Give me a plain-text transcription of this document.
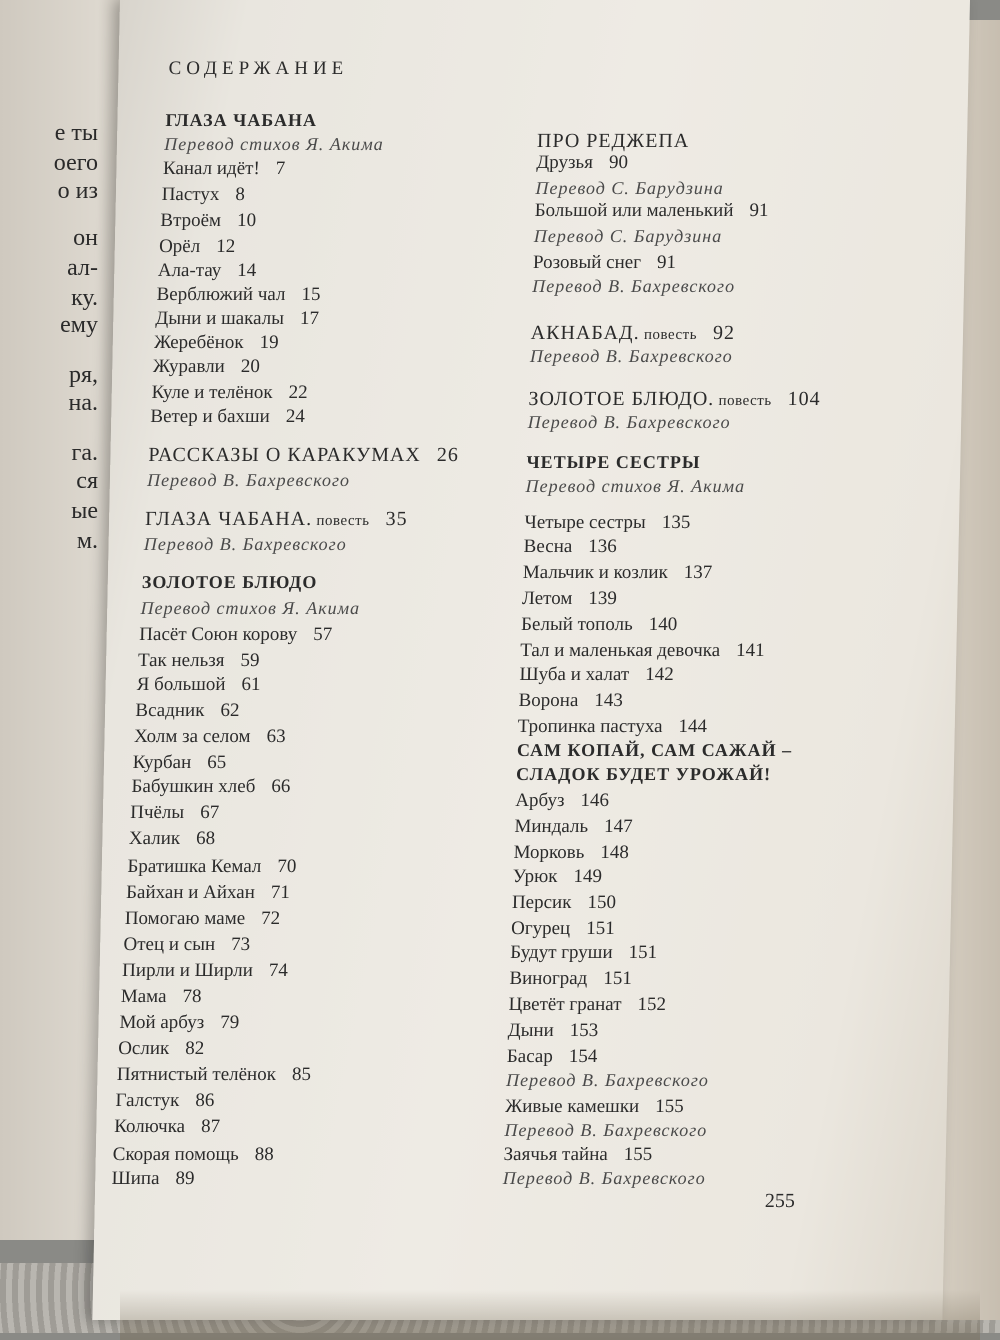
е ты
оего
о из
он
ал-
ку.
ему
ря,
на.
га.
ся
ые
м.
СОДЕРЖАНИЕ
ГЛАЗА ЧАБАНА
Перевод стихов Я. Акима
Канал идёт! 7
Пастух 8
Втроём 10
Орёл 12
Ала-тау 14
Верблюжий чал 15
Дыни и шакалы 17
Жеребёнок 19
Журавли 20
Куле и телёнок 22
Ветер и бахши 24
РАССКАЗЫ О КАРАКУМАХ 26
Перевод В. Бахревского
ГЛАЗА ЧАБАНА. повесть 35
Перевод В. Бахревского
ЗОЛОТОЕ БЛЮДО
Перевод стихов Я. Акима
Пасёт Союн корову 57
Так нельзя 59
Я большой 61
Всадник 62
Холм за селом 63
Курбан 65
Бабушкин хлеб 66
Пчёлы 67
Халик 68
Братишка Кемал 70
Байхан и Айхан 71
Помогаю маме 72
Отец и сын 73
Пирли и Ширли 74
Мама 78
Мой арбуз 79
Ослик 82
Пятнистый телёнок 85
Галстук 86
Колючка 87
Скорая помощь 88
Шипа 89
ПРО РЕДЖЕПА
Друзья 90
Перевод С. Барудзина
Большой или маленький 91
Перевод С. Барудзина
Розовый снег 91
Перевод В. Бахревского
АКНАБАД. повесть 92
Перевод В. Бахревского
ЗОЛОТОЕ БЛЮДО. повесть 104
Перевод В. Бахревского
ЧЕТЫРЕ СЕСТРЫ
Перевод стихов Я. Акима
Четыре сестры 135
Весна 136
Мальчик и козлик 137
Летом 139
Белый тополь 140
Тал и маленькая девочка 141
Шуба и халат 142
Ворона 143
Тропинка пастуха 144
САМ КОПАЙ, САМ САЖАЙ –
СЛАДОК БУДЕТ УРОЖАЙ!
Арбуз 146
Миндаль 147
Морковь 148
Урюк 149
Персик 150
Огурец 151
Будут груши 151
Виноград 151
Цветёт гранат 152
Дыни 153
Басар 154
Перевод В. Бахревского
Живые камешки 155
Перевод В. Бахревского
Заячья тайна 155
Перевод В. Бахревского
255
